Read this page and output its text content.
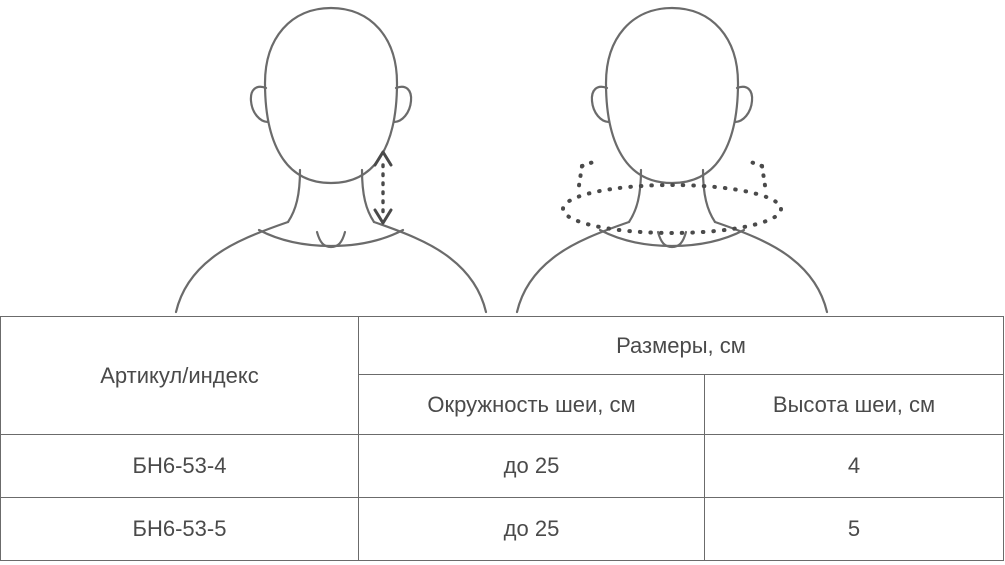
Артикул/индекс	Размеры, см	
	Окружность шеи, см	Высота шеи, см
БН6-53-4	до 25	4
БН6-53-5	до 25	5
